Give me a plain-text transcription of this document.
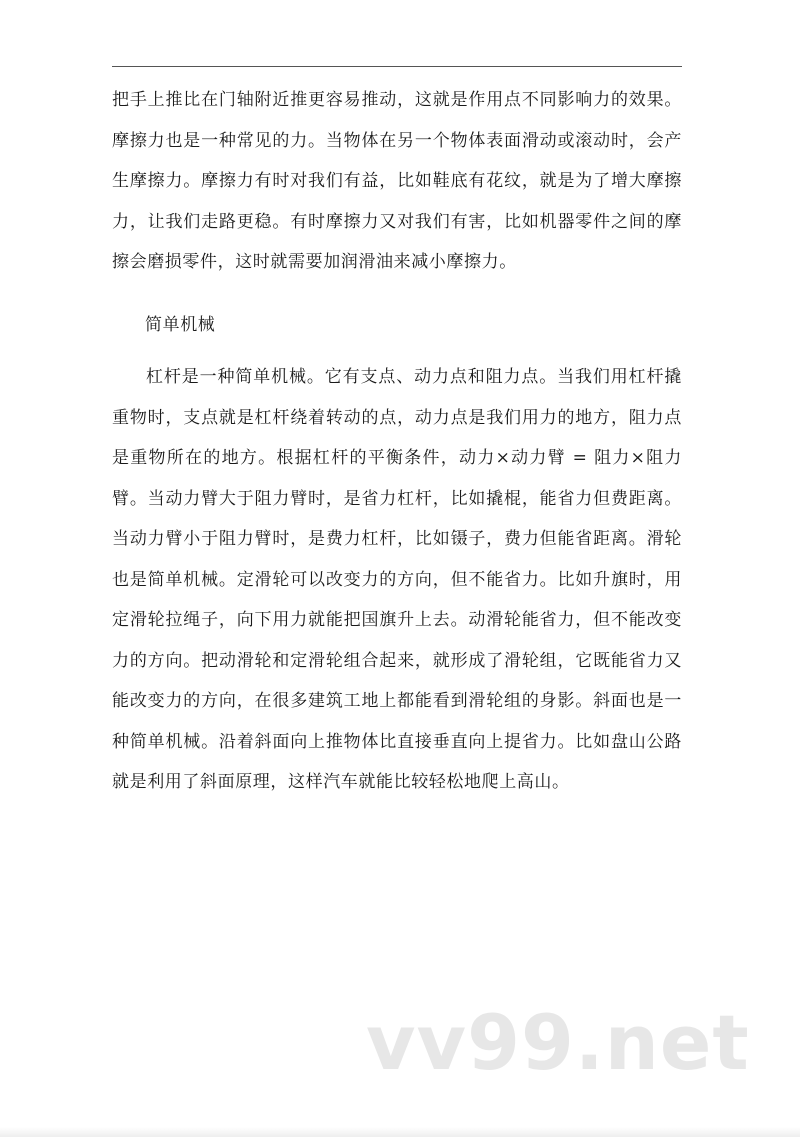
把手上推比在门轴附近推更容易推动，这就是作用点不同影响力的效果。摩擦力也是一种常见的力。当物体在另一个物体表面滑动或滚动时，会产生摩擦力。摩擦力有时对我们有益，比如鞋底有花纹，就是为了增大摩擦力，让我们走路更稳。有时摩擦力又对我们有害，比如机器零件之间的摩擦会磨损零件，这时就需要加润滑油来减小摩擦力。

简单机械

杠杆是一种简单机械。它有支点、动力点和阻力点。当我们用杠杆撬重物时，支点就是杠杆绕着转动的点，动力点是我们用力的地方，阻力点是重物所在的地方。根据杠杆的平衡条件，动力×动力臂 = 阻力×阻力臂。当动力臂大于阻力臂时，是省力杠杆，比如撬棍，能省力但费距离。当动力臂小于阻力臂时，是费力杠杆，比如镊子，费力但能省距离。滑轮也是简单机械。定滑轮可以改变力的方向，但不能省力。比如升旗时，用定滑轮拉绳子，向下用力就能把国旗升上去。动滑轮能省力，但不能改变力的方向。把动滑轮和定滑轮组合起来，就形成了滑轮组，它既能省力又能改变力的方向，在很多建筑工地上都能看到滑轮组的身影。斜面也是一种简单机械。沿着斜面向上推物体比直接垂直向上提省力。比如盘山公路就是利用了斜面原理，这样汽车就能比较轻松地爬上高山。

vv99.net
